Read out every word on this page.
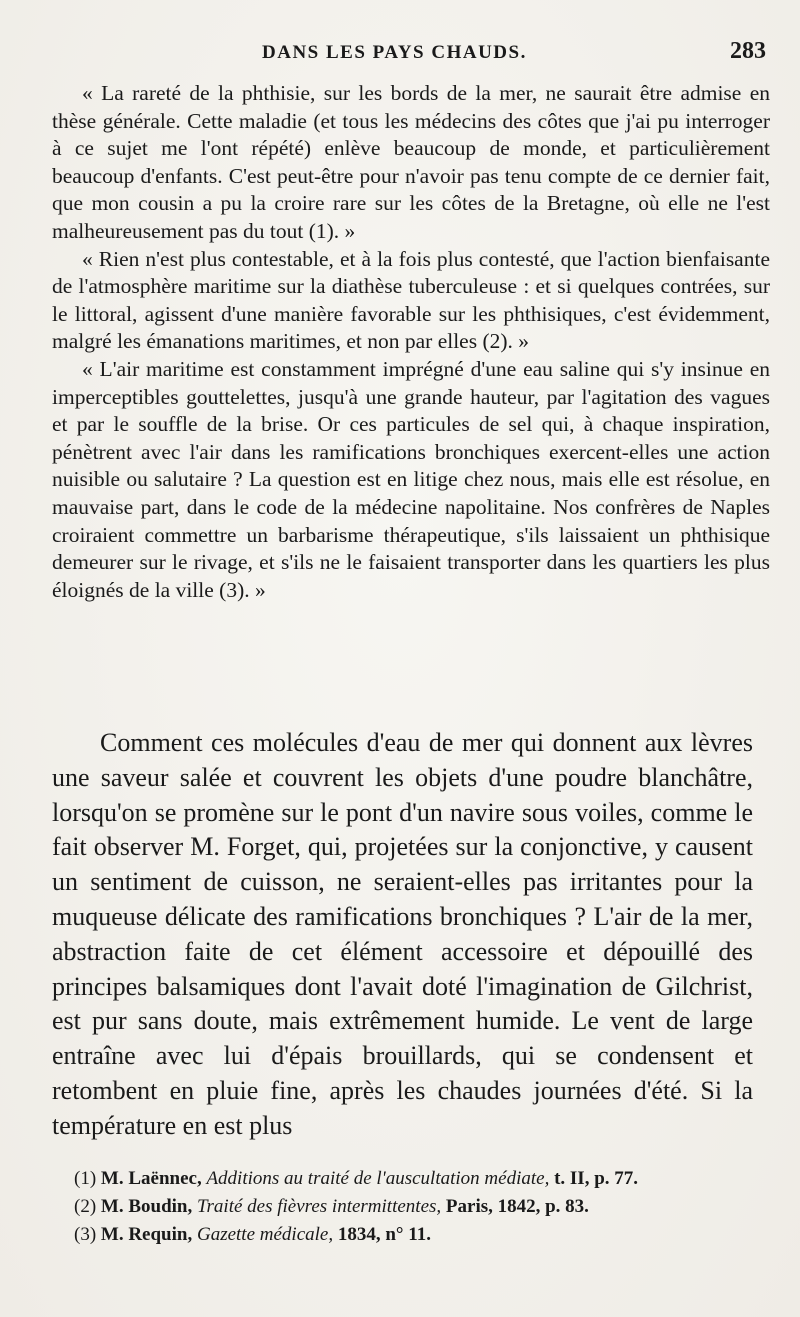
DANS LES PAYS CHAUDS.	283

« La rareté de la phthisie, sur les bords de la mer, ne saurait être admise en thèse générale. Cette maladie (et tous les médecins des côtes que j'ai pu interroger à ce sujet me l'ont répété) enlève beaucoup de monde, et particulièrement beaucoup d'enfants. C'est peut-être pour n'avoir pas tenu compte de ce dernier fait, que mon cousin a pu la croire rare sur les côtes de la Bretagne, où elle ne l'est malheureusement pas du tout (1). »

« Rien n'est plus contestable, et à la fois plus contesté, que l'action bienfaisante de l'atmosphère maritime sur la diathèse tuberculeuse : et si quelques contrées, sur le littoral, agissent d'une manière favorable sur les phthisiques, c'est évidemment, malgré les émanations maritimes, et non par elles (2). »

« L'air maritime est constamment imprégné d'une eau saline qui s'y insinue en imperceptibles gouttelettes, jusqu'à une grande hauteur, par l'agitation des vagues et par le souffle de la brise. Or ces particules de sel qui, à chaque inspiration, pénètrent avec l'air dans les ramifications bronchiques exercent-elles une action nuisible ou salutaire ? La question est en litige chez nous, mais elle est résolue, en mauvaise part, dans le code de la médecine napolitaine. Nos confrères de Naples croiraient commettre un barbarisme thérapeutique, s'ils laissaient un phthisique demeurer sur le rivage, et s'ils ne le faisaient transporter dans les quartiers les plus éloignés de la ville (3). »

Comment ces molécules d'eau de mer qui donnent aux lèvres une saveur salée et couvrent les objets d'une poudre blanchâtre, lorsqu'on se promène sur le pont d'un navire sous voiles, comme le fait observer M. Forget, qui, projetées sur la conjonctive, y causent un sentiment de cuisson, ne seraient-elles pas irritantes pour la muqueuse délicate des ramifications bronchiques ? L'air de la mer, abstraction faite de cet élément accessoire et dépouillé des principes balsamiques dont l'avait doté l'imagination de Gilchrist, est pur sans doute, mais extrêmement humide. Le vent de large entraîne avec lui d'épais brouillards, qui se condensent et retombent en pluie fine, après les chaudes journées d'été. Si la température en est plus

(1) M. Laënnec, Additions au traité de l'auscultation médiate, t. II, p. 77.

(2) M. Boudin, Traité des fièvres intermittentes, Paris, 1842, p. 83.

(3) M. Requin, Gazette médicale, 1834, n° 11.
